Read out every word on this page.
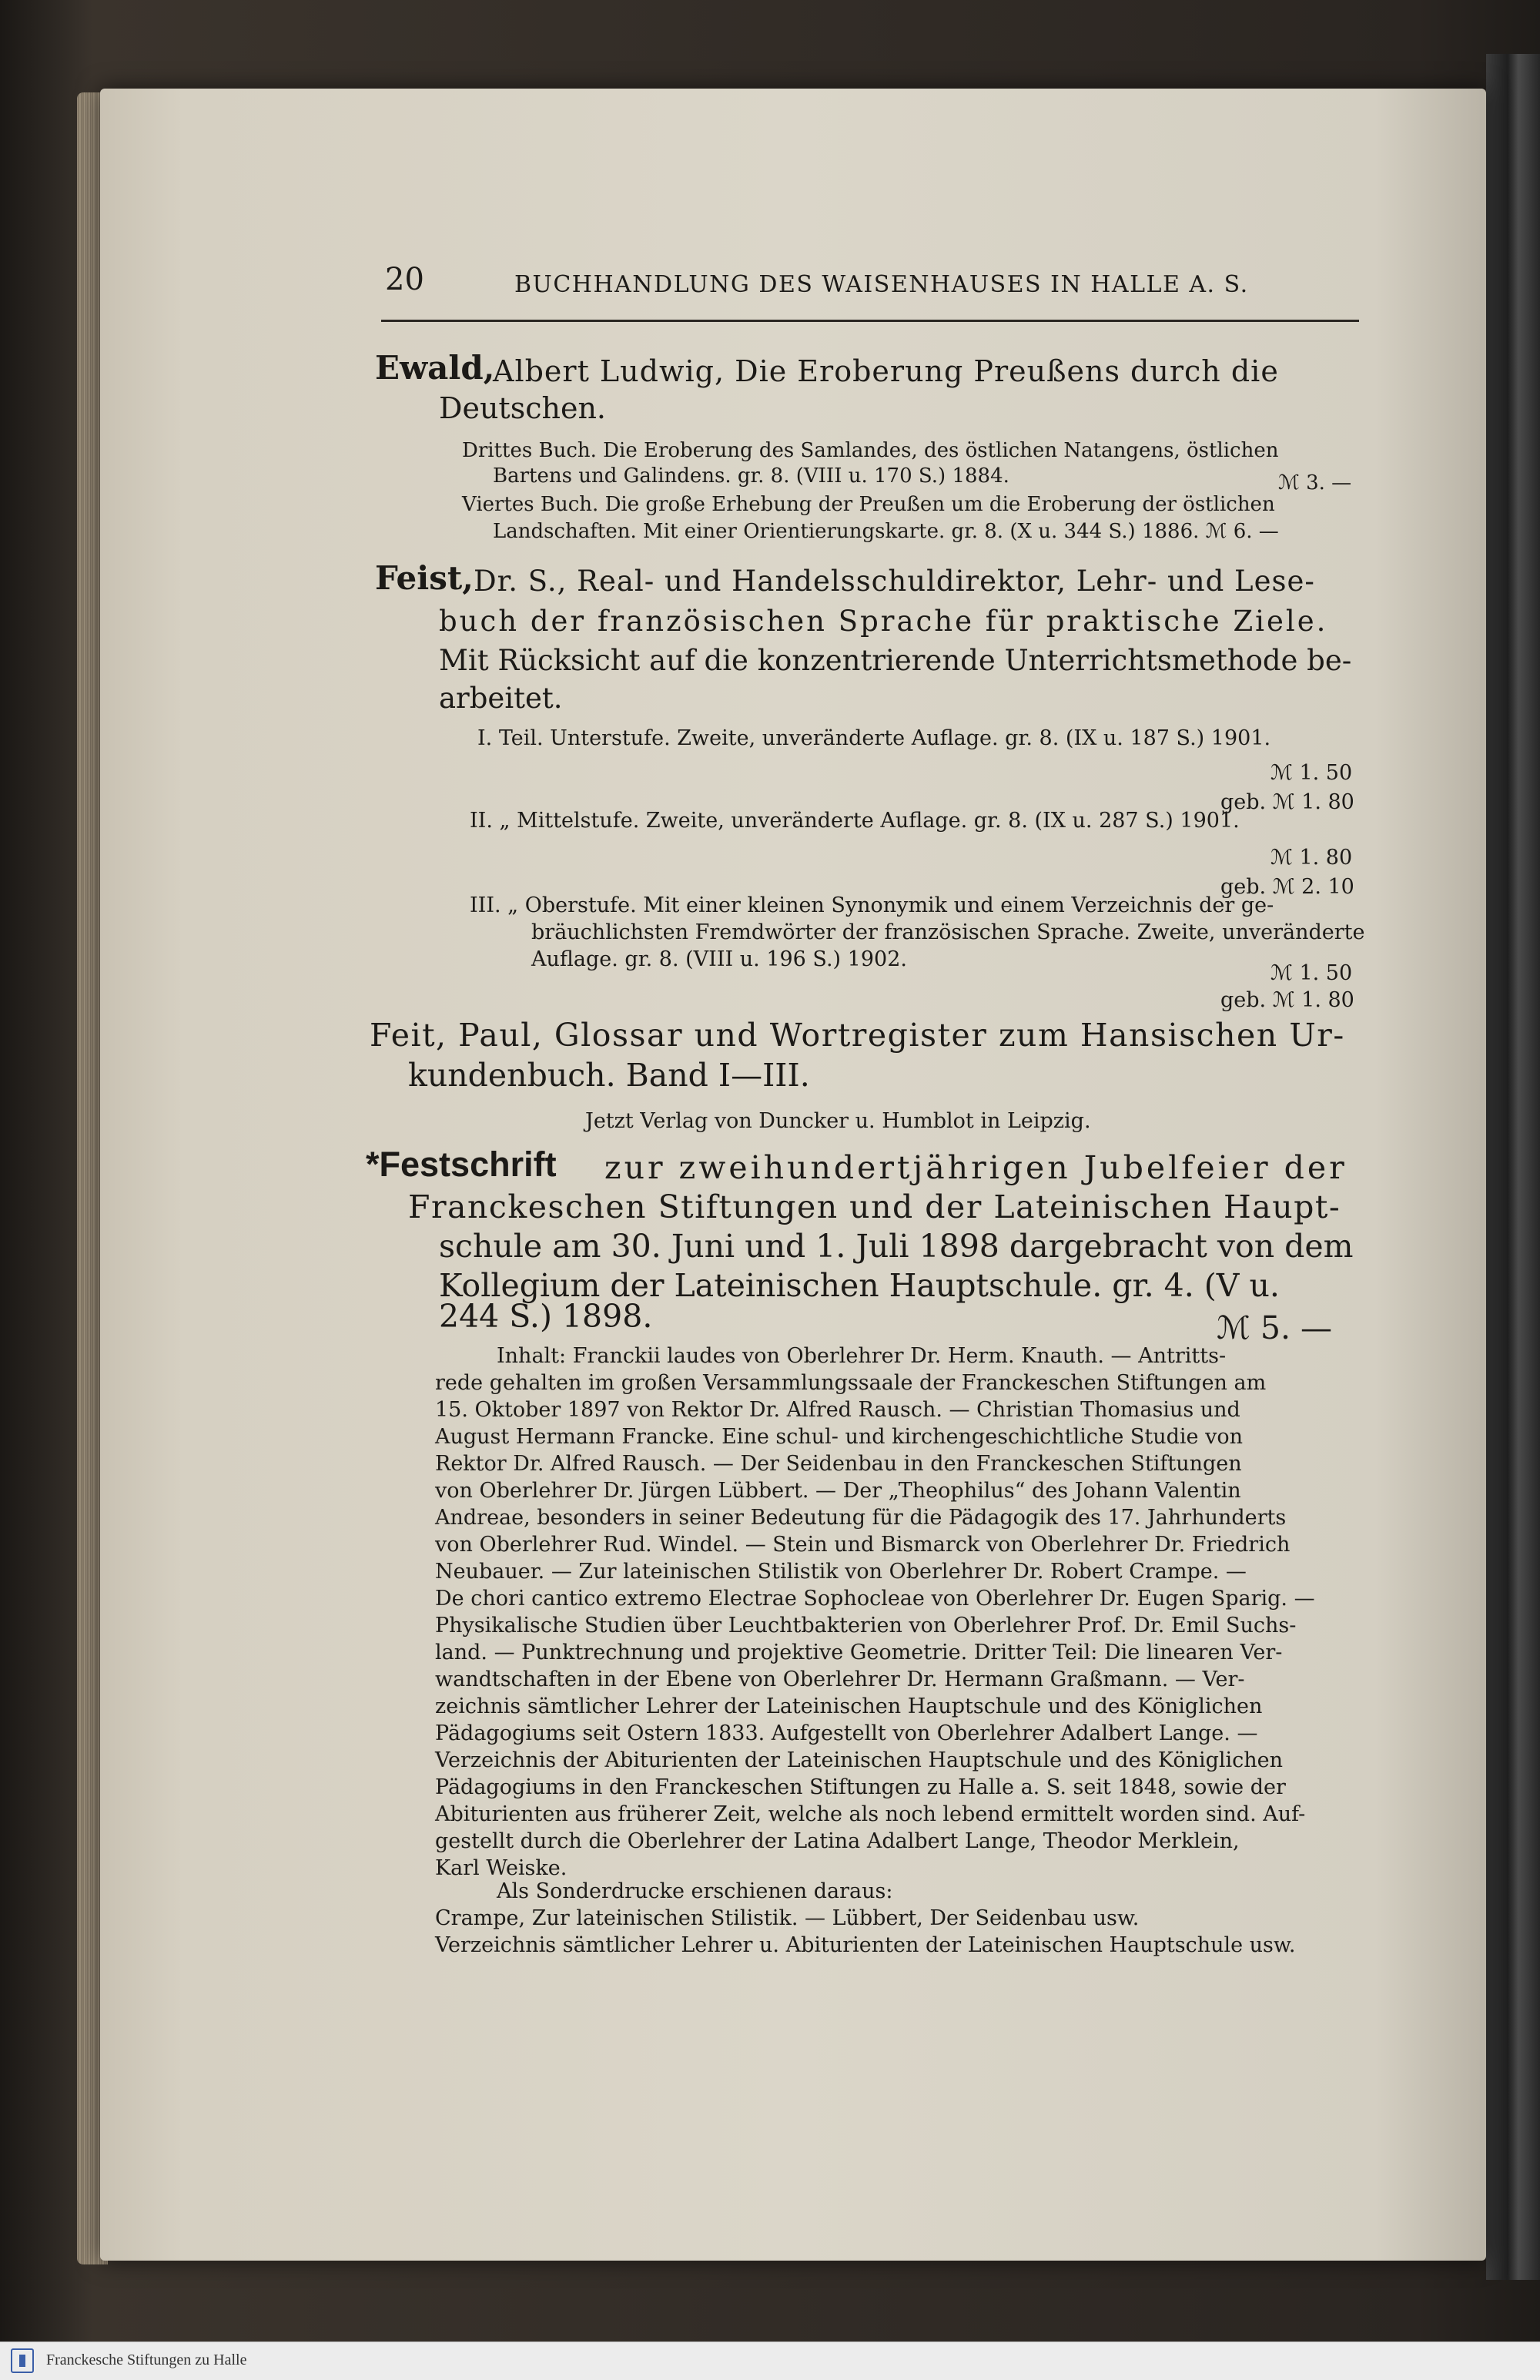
20	BUCHHANDLUNG DES WAISENHAUSES IN HALLE A. S.
Ewald,
Albert Ludwig, Die Eroberung Preußens durch die
Deutschen.
Drittes Buch. Die Eroberung des Samlandes, des östlichen Natangens, östlichen
Bartens und Galindens. gr. 8. (VIII u. 170 S.) 1884.	ℳ 3. —
Viertes Buch. Die große Erhebung der Preußen um die Eroberung der östlichen
Landschaften. Mit einer Orientierungskarte. gr. 8. (X u. 344 S.) 1886. ℳ 6. —
Feist, Dr. S., Real- und Handelsschuldirektor, Lehr- und Lese-
buch der französischen Sprache für praktische Ziele.
Mit Rücksicht auf die konzentrierende Unterrichtsmethode be-
arbeitet.
I. Teil. Unterstufe. Zweite, unveränderte Auflage. gr. 8. (IX u. 187 S.) 1901.
ℳ 1. 50
geb. ℳ 1. 80
II. „ Mittelstufe. Zweite, unveränderte Auflage. gr. 8. (IX u. 287 S.) 1901.
ℳ 1. 80
geb. ℳ 2. 10
III. „ Oberstufe. Mit einer kleinen Synonymik und einem Verzeichnis der ge-
bräuchlichsten Fremdwörter der französischen Sprache. Zweite, unveränderte
Auflage. gr. 8. (VIII u. 196 S.) 1902.
ℳ 1. 50
geb. ℳ 1. 80
Feit, Paul, Glossar und Wortregister zum Hansischen Ur-
kundenbuch. Band I—III.
Jetzt Verlag von Duncker u. Humblot in Leipzig.
*Festschrift zur zweihundertjährigen Jubelfeier der
Franckeschen Stiftungen und der Lateinischen Haupt-
schule am 30. Juni und 1. Juli 1898 dargebracht von dem
Kollegium der Lateinischen Hauptschule. gr. 4. (V u.
244 S.) 1898.	ℳ 5. —
Inhalt: Franckii laudes von Oberlehrer Dr. Herm. Knauth. — Antritts-
rede gehalten im großen Versammlungssaale der Franckeschen Stiftungen am
15. Oktober 1897 von Rektor Dr. Alfred Rausch. — Christian Thomasius und
August Hermann Francke. Eine schul- und kirchengeschichtliche Studie von
Rektor Dr. Alfred Rausch. — Der Seidenbau in den Franckeschen Stiftungen
von Oberlehrer Dr. Jürgen Lübbert. — Der „Theophilus“ des Johann Valentin
Andreae, besonders in seiner Bedeutung für die Pädagogik des 17. Jahrhunderts
von Oberlehrer Rud. Windel. — Stein und Bismarck von Oberlehrer Dr. Friedrich
Neubauer. — Zur lateinischen Stilistik von Oberlehrer Dr. Robert Crampe. —
De chori cantico extremo Electrae Sophocleae von Oberlehrer Dr. Eugen Sparig. —
Physikalische Studien über Leuchtbakterien von Oberlehrer Prof. Dr. Emil Suchs-
land. — Punktrechnung und projektive Geometrie. Dritter Teil: Die linearen Ver-
wandtschaften in der Ebene von Oberlehrer Dr. Hermann Graßmann. — Ver-
zeichnis sämtlicher Lehrer der Lateinischen Hauptschule und des Königlichen
Pädagogiums seit Ostern 1833. Aufgestellt von Oberlehrer Adalbert Lange. —
Verzeichnis der Abiturienten der Lateinischen Hauptschule und des Königlichen
Pädagogiums in den Franckeschen Stiftungen zu Halle a. S. seit 1848, sowie der
Abiturienten aus früherer Zeit, welche als noch lebend ermittelt worden sind. Auf-
gestellt durch die Oberlehrer der Latina Adalbert Lange, Theodor Merklein,
Karl Weiske.
Als Sonderdrucke erschienen daraus:
Crampe, Zur lateinischen Stilistik. — Lübbert, Der Seidenbau usw.
Verzeichnis sämtlicher Lehrer u. Abiturienten der Lateinischen Hauptschule usw.
Franckesche Stiftungen zu Halle
